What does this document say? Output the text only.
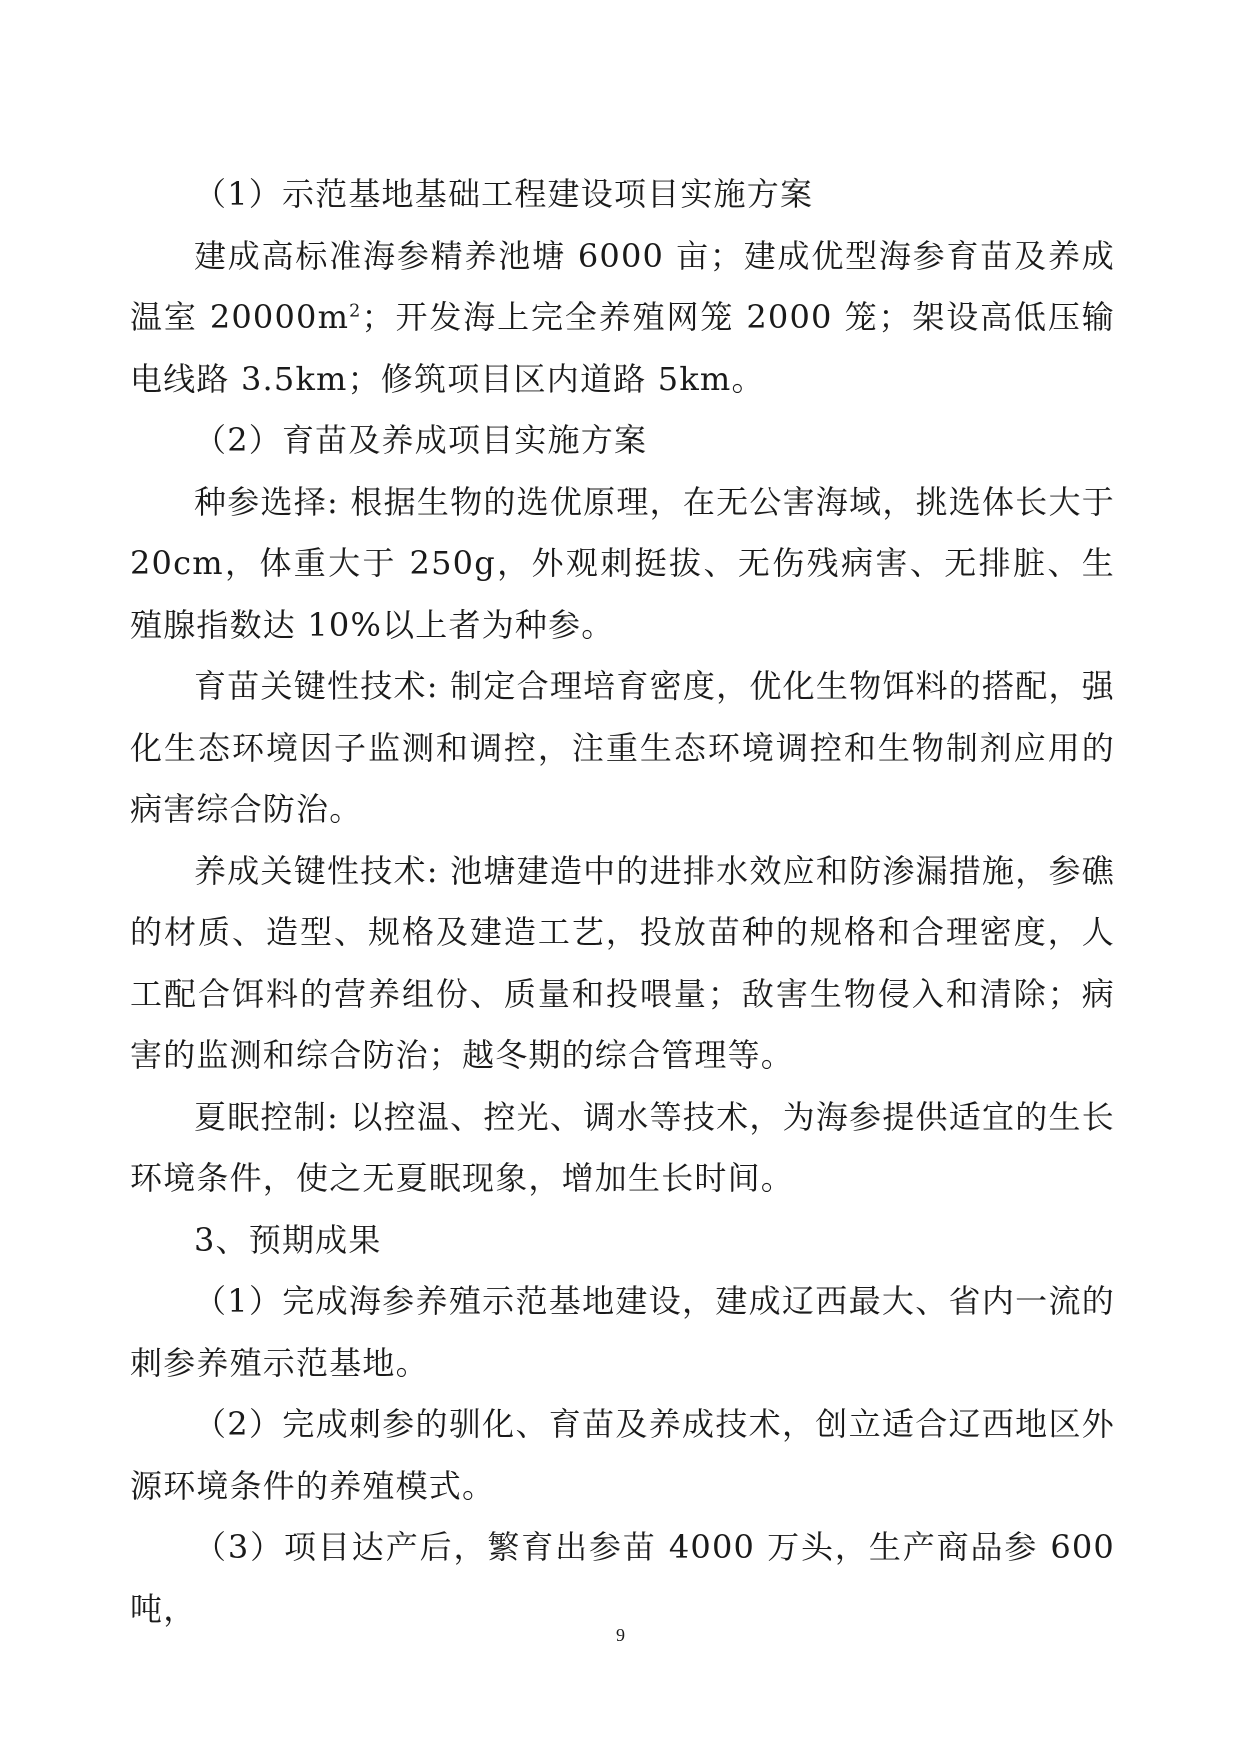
（1）示范基地基础工程建设项目实施方案

建成高标准海参精养池塘 6000 亩；建成优型海参育苗及养成温室 $20000m^2$；开发海上完全养殖网笼 2000 笼；架设高低压输电线路 3.5km；修筑项目区内道路 5km。

（2）育苗及养成项目实施方案

种参选择: 根据生物的选优原理，在无公害海域，挑选体长大于 20cm，体重大于 250g，外观刺挺拔、无伤残病害、无排脏、生殖腺指数达 10%以上者为种参。

育苗关键性技术: 制定合理培育密度，优化生物饵料的搭配，强化生态环境因子监测和调控，注重生态环境调控和生物制剂应用的病害综合防治。

养成关键性技术: 池塘建造中的进排水效应和防渗漏措施，参礁的材质、造型、规格及建造工艺，投放苗种的规格和合理密度，人工配合饵料的营养组份、质量和投喂量；敌害生物侵入和清除；病害的监测和综合防治；越冬期的综合管理等。

夏眠控制: 以控温、控光、调水等技术，为海参提供适宜的生长环境条件，使之无夏眠现象，增加生长时间。

3、预期成果

（1）完成海参养殖示范基地建设，建成辽西最大、省内一流的刺参养殖示范基地。

（2）完成刺参的驯化、育苗及养成技术，创立适合辽西地区外源环境条件的养殖模式。

（3）项目达产后，繁育出参苗 4000 万头，生产商品参 600 吨，

9
